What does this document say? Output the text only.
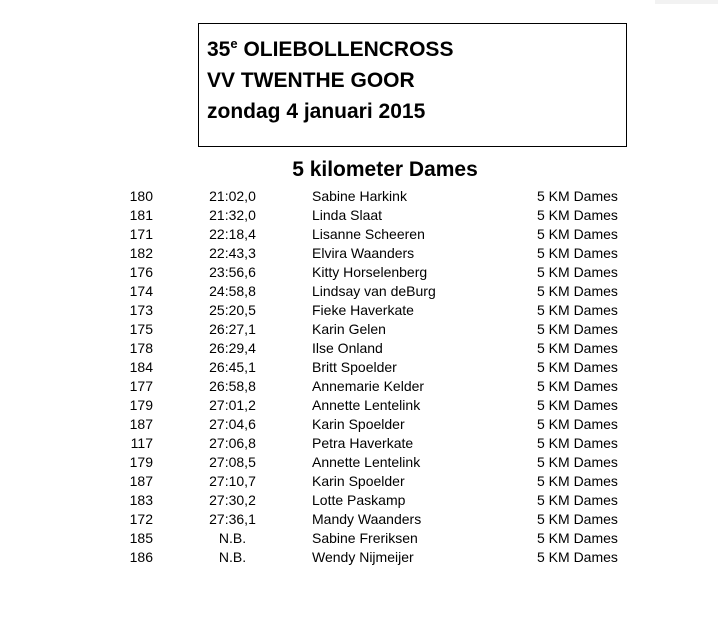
35e OLIEBOLLENCROSS
VV TWENTHE GOOR
zondag 4 januari 2015
5 kilometer Dames
180	21:02,0	Sabine Harkink	5 KM Dames
181	21:32,0	Linda Slaat	5 KM Dames
171	22:18,4	Lisanne Scheeren	5 KM Dames
182	22:43,3	Elvira Waanders	5 KM Dames
176	23:56,6	Kitty Horselenberg	5 KM Dames
174	24:58,8	Lindsay van deBurg	5 KM Dames
173	25:20,5	Fieke Haverkate	5 KM Dames
175	26:27,1	Karin Gelen	5 KM Dames
178	26:29,4	Ilse Onland	5 KM Dames
184	26:45,1	Britt Spoelder	5 KM Dames
177	26:58,8	Annemarie Kelder	5 KM Dames
179	27:01,2	Annette Lentelink	5 KM Dames
187	27:04,6	Karin Spoelder	5 KM Dames
117	27:06,8	Petra Haverkate	5 KM Dames
179	27:08,5	Annette Lentelink	5 KM Dames
187	27:10,7	Karin Spoelder	5 KM Dames
183	27:30,2	Lotte Paskamp	5 KM Dames
172	27:36,1	Mandy Waanders	5 KM Dames
185	N.B.	Sabine Freriksen	5 KM Dames
186	N.B.	Wendy Nijmeijer	5 KM Dames
